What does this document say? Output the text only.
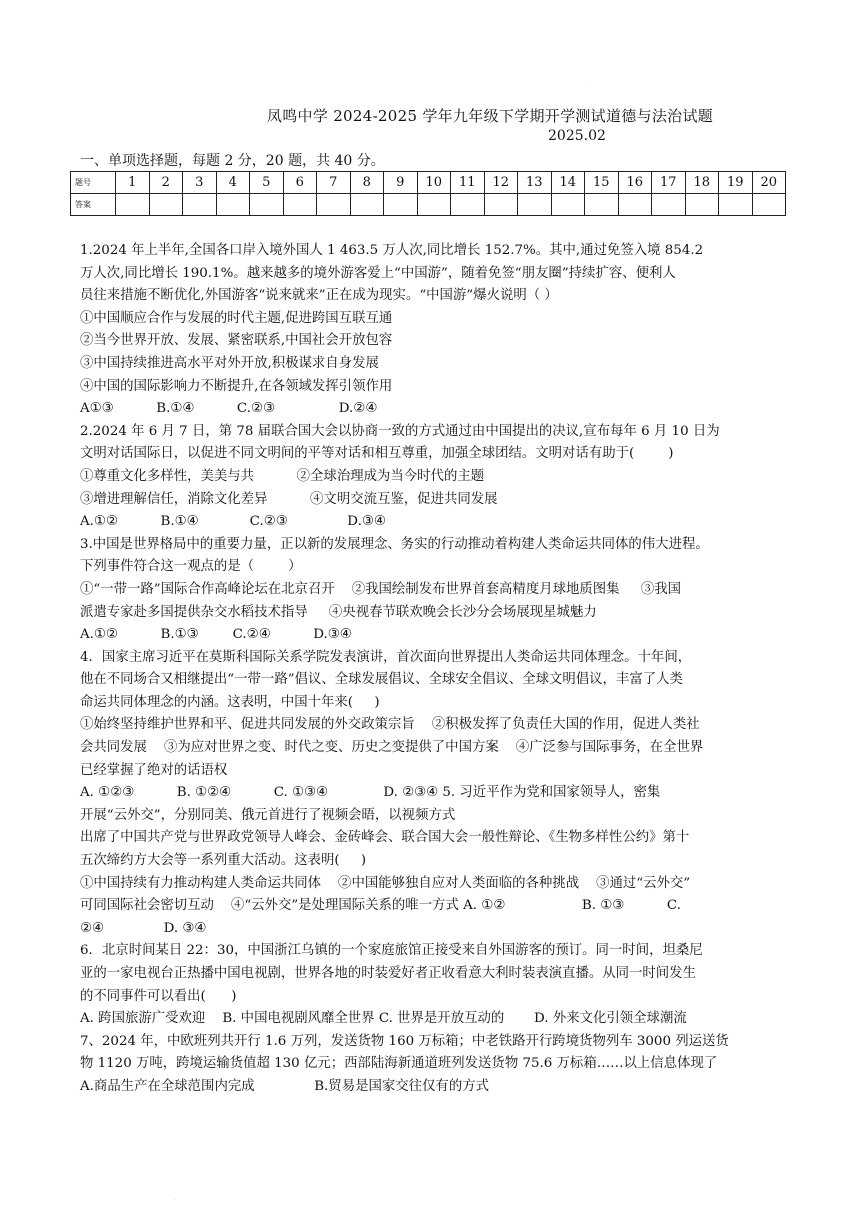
·
凤鸣中学 2024-2025 学年九年级下学期开学测试道德与法治试题
2025.02
一、单项选择题，每题 2 分，20 题，共 40 分。
题号	1	2	3	4	5	6	7	8	9	10	11	12	13	14	15	16	17	18	19	20
答案																				

1.2024 年上半年,全国各口岸入境外国人 1 463.5 万人次,同比增长 152.7%。其中,通过免签入境 854.2

万人次,同比增长 190.1%。越来越多的境外游客爱上“中国游”，随着免签“朋友圈”持续扩容、便利人

员往来措施不断优化,外国游客“说来就来”正在成为现实。“中国游”爆火说明（ ）

①中国顺应合作与发展的时代主题,促进跨国互联互通

②当今世界开放、发展、紧密联系,中国社会开放包容

③中国持续推进高水平对外开放,积极谋求自身发展

④中国的国际影响力不断提升,在各领域发挥引领作用

A①③          B.①④          C.②③               D.②④

2.2024 年 6 月 7 日，第 78 届联合国大会以协商一致的方式通过由中国提出的决议,宣布每年 6 月 10 日为

文明对话国际日，以促进不同文明间的平等对话和相互尊重，加强全球团结。文明对话有助于(        )

①尊重文化多样性，美美与共          ②全球治理成为当今时代的主题

③增进理解信任，消除文化差异          ④文明交流互鉴，促进共同发展

A.①②          B.①④            C.②③              D.③④

3.中国是世界格局中的重要力量，正以新的发展理念、务实的行动推动着构建人类命运共同体的伟大进程。

下列事件符合这一观点的是（        ）

①“一带一路”国际合作高峰论坛在北京召开    ②我国绘制发布世界首套高精度月球地质图集     ③我国

派遣专家赴多国提供杂交水稻技术指导     ④央视春节联欢晚会长沙分会场展现星城魅力

A.①②          B.①③        C.②④          D.③④

4．国家主席习近平在莫斯科国际关系学院发表演讲，首次面向世界提出人类命运共同体理念。十年间，

他在不同场合又相继提出“一带一路”倡议、全球发展倡议、全球安全倡议、全球文明倡议，丰富了人类

命运共同体理念的内涵。这表明，中国十年来(     )

①始终坚持维护世界和平、促进共同发展的外交政策宗旨    ②积极发挥了负责任大国的作用，促进人类社

会共同发展    ③为应对世界之变、时代之变、历史之变提供了中国方案    ④广泛参与国际事务，在全世界

已经掌握了绝对的话语权

A. ①②③          B. ①②④          C. ①③④             D. ②③④ 5. 习近平作为党和国家领导人，密集

开展“云外交”，分别同美、俄元首进行了视频会晤，以视频方式

出席了中国共产党与世界政党领导人峰会、金砖峰会、联合国大会一般性辩论、《生物多样性公约》第十

五次缔约方大会等一系列重大活动。这表明(     )

①中国持续有力推动构建人类命运共同体    ②中国能够独自应对人类面临的各种挑战    ③通过“云外交”

可同国际社会密切互动    ④“云外交”是处理国际关系的唯一方式 A. ①②                  B. ①③          C.

②④              D. ③④

6．北京时间某日 22：30，中国浙江乌镇的一个家庭旅馆正接受来自外国游客的预订。同一时间，坦桑尼

亚的一家电视台正热播中国电视剧，世界各地的时装爱好者正收看意大利时装表演直播。从同一时间发生

的不同事件可以看出(      )

A. 跨国旅游广受欢迎    B. 中国电视剧风靡全世界 C. 世界是开放互动的       D. 外来文化引领全球潮流

7、2024 年，中欧班列共开行 1.6 万列，发送货物 160 万标箱；中老铁路开行跨境货物列车 3000 列运送货

物 1120 万吨，跨境运输货值超 130 亿元；西部陆海新通道班列发送货物 75.6 万标箱……以上信息体现了

A.商品生产在全球范围内完成              B.贸易是国家交往仅有的方式

·
